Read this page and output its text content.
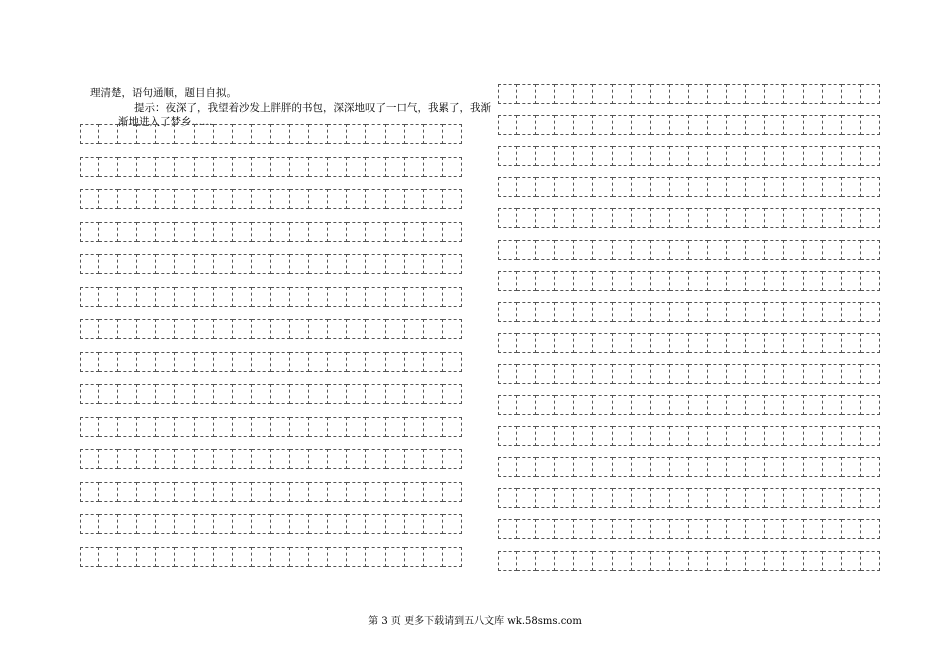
理清楚，语句通顺，题目自拟。
提示：夜深了，我望着沙发上胖胖的书包，深深地叹了一口气，我累了，我渐
渐地进入了梦乡……
第 3 页 更多下载请到五八文库 wk.58sms.com
